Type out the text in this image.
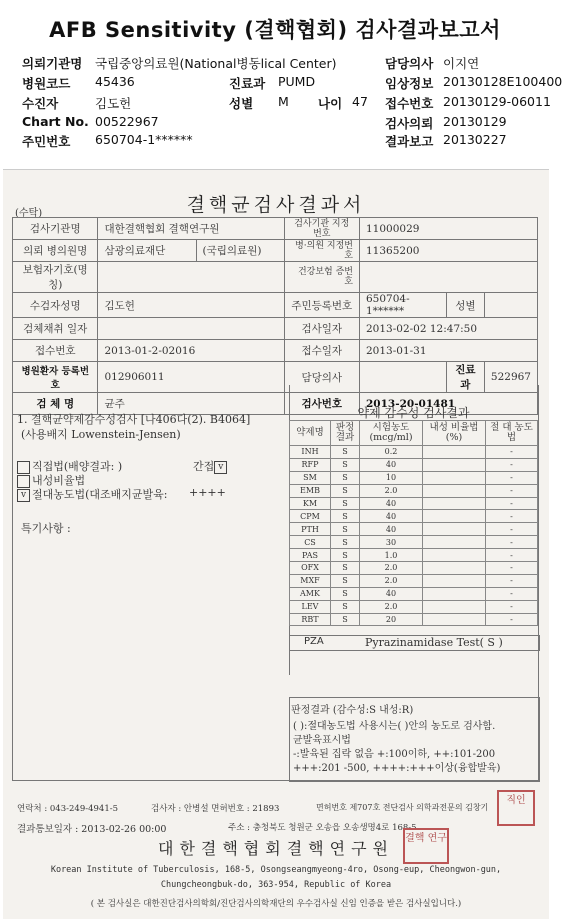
AFB Sensitivity (결핵협회) 검사결과보고서
의뢰기관명 국립중앙의료원(National병동lical Center)	담당의사 이지연
병원코드 45436	진료과 PUMD	임상정보 20130128E100400
수진자	김도헌	성별 M 나이 47 접수번호 20130129-06011
Chart No. 00522967	검사의뢰 20130129
주민번호 650704-1******	결과보고 20130227
(수탁)	결핵균검사결과서
검사기관명	대한결핵협회 결핵연구원		검사기관 지정번호	11000029		
의뢰 병의원명	삼광의료재단	(국립의료원)	병·의원 지정번호	11365200		
보험자기호(명칭)			건강보험 증번호			
수검자성명	김도헌		주민등록번호	650704-1******	성별	
검체채취 일자			검사일자	2013-02-02 12:47:50		
접수번호	2013-01-2-02016		접수일자	2013-01-31		
병원환자 등록번호	012906011		담당의사		진료과	522967
검 체 명	균주		검사번호	2013-20-01481		
1. 결핵균약제감수성검사 [나406다(2). B4064]
(사용배지 Lowenstein-Jensen)
직접법(배양결과: )	간접 v
내성비율법
v 절대농도법(대조배지균발육: ++++
특기사항 :
약제 감수성 검사결과
약제명	판정 결과	시험농도 (mcg/ml)	내성 비율법(%)	절 대 농도법
INH	S	0.2		-
RFP	S	40		-
SM	S	10		-
EMB	S	2.0		-
KM	S	40		-
CPM	S	40		-
PTH	S	40		-
CS	S	30		-
PAS	S	1.0		-
OFX	S	2.0		-
MXF	S	2.0		-
AMK	S	40		-
LEV	S	2.0		-
RBT	S	20		-
PZA	Pyrazinamidase Test( S )
판정결과 (감수성:S 내성:R)
( ):절대농도법 사용시는( )안의 농도로 검사함.
균발육표시법
-:발육된 집락 없음 +:100이하, ++:101-200
+++:201 -500, ++++:+++이상(융합발육)
직인
연락처 : 043-249-4941-5	검사자 : 안병설 면허번호 : 21893	면허번호 제707호 전단검사 의학과전문의 김창기
결과통보일자 : 2013-02-26 00:00	주소 : 충청북도 청원군 오송읍 오송생명4로 168-5
대한결핵협회결핵연구원
결핵 연구
Korean Institute of Tuberculosis, 168-5, Osongseangmyeong-4ro, Osong-eup, Cheongwon-gun,
Chungcheongbuk-do, 363-954, Republic of Korea
( 본 검사실은 대한진단검사의학회/진단검사의학재단의 우수검사실 신임 인증을 받은 검사실입니다.)
